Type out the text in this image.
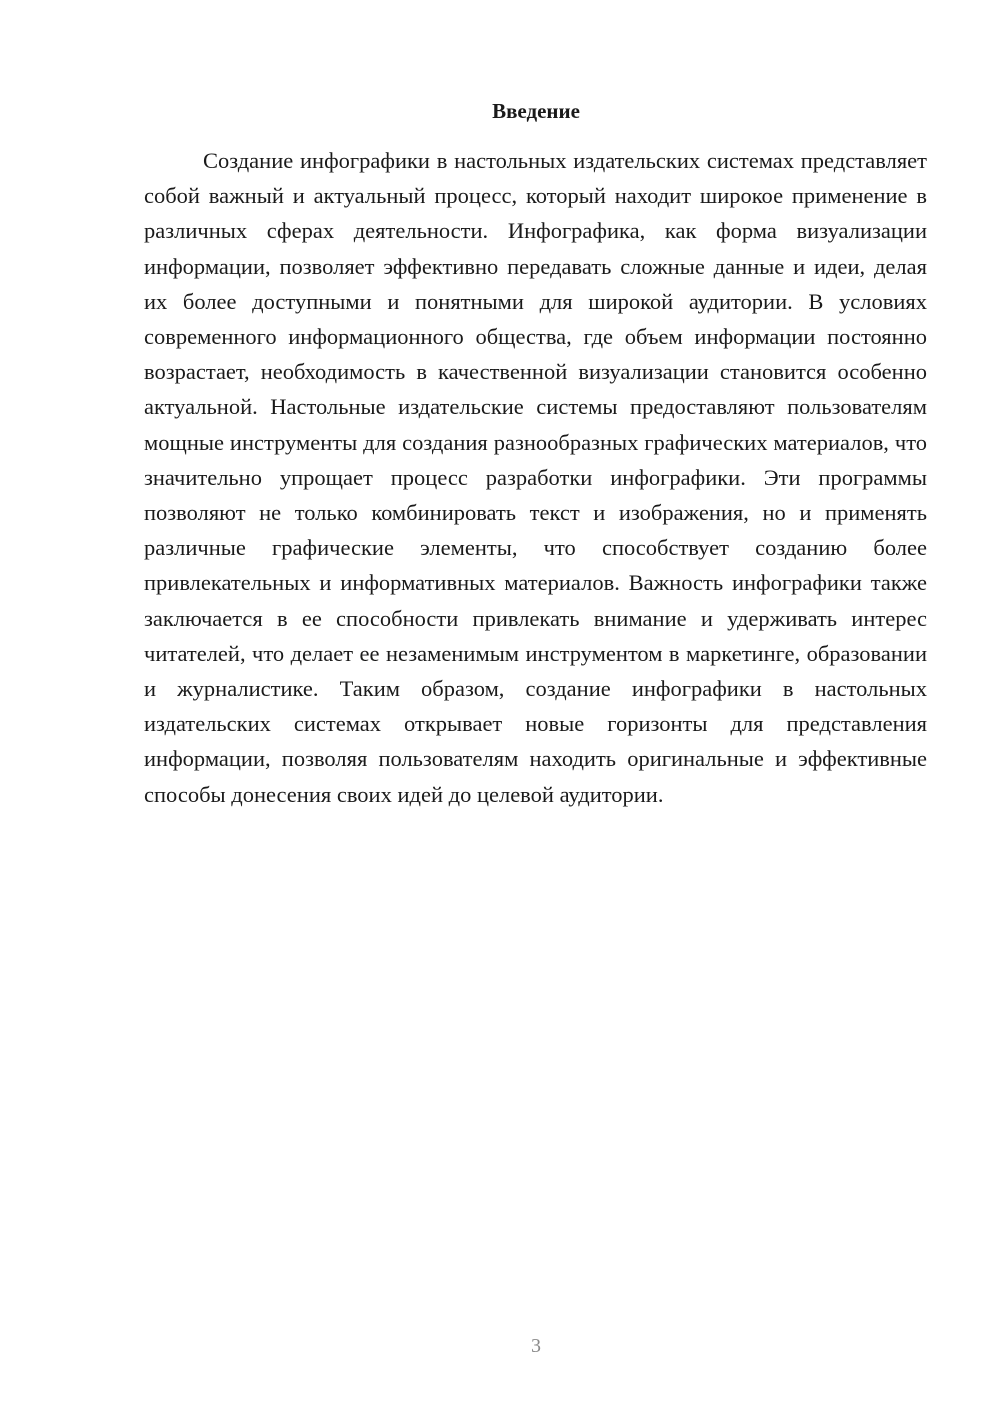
Введение

Создание инфографики в настольных издательских системах представляет собой важный и актуальный процесс, который находит широкое применение в различных сферах деятельности. Инфографика, как форма визуализации информации, позволяет эффективно передавать сложные данные и идеи, делая их более доступными и понятными для широкой аудитории. В условиях современного информационного общества, где объем информации постоянно возрастает, необходимость в качественной визуализации становится особенно актуальной. Настольные издательские системы предоставляют пользователям мощные инструменты для создания разнообразных графических материалов, что значительно упрощает процесс разработки инфографики. Эти программы позволяют не только комбинировать текст и изображения, но и применять различные графические элементы, что способствует созданию более привлекательных и информативных материалов. Важность инфографики также заключается в ее способности привлекать внимание и удерживать интерес читателей, что делает ее незаменимым инструментом в маркетинге, образовании и журналистике. Таким образом, создание инфографики в настольных издательских системах открывает новые горизонты для представления информации, позволяя пользователям находить оригинальные и эффективные способы донесения своих идей до целевой аудитории.

3
